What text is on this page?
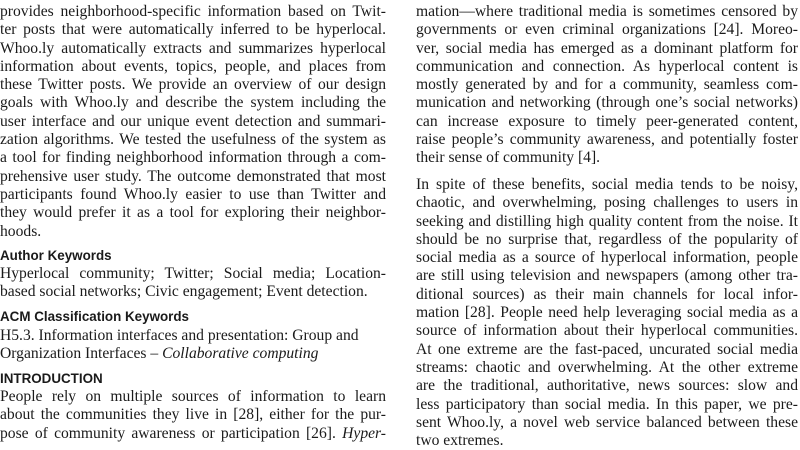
provides neighborhood-specific information based on Twit-
ter posts that were automatically inferred to be hyperlocal.
Whoo.ly automatically extracts and summarizes hyperlocal
information about events, topics, people, and places from
these Twitter posts. We provide an overview of our design
goals with Whoo.ly and describe the system including the
user interface and our unique event detection and summari-
zation algorithms. We tested the usefulness of the system as
a tool for finding neighborhood information through a com-
prehensive user study. The outcome demonstrated that most
participants found Whoo.ly easier to use than Twitter and
they would prefer it as a tool for exploring their neighbor-
hoods.
Author Keywords
Hyperlocal community; Twitter; Social media; Location-
based social networks; Civic engagement; Event detection.
ACM Classification Keywords
H5.3. Information interfaces and presentation: Group and
Organization Interfaces – Collaborative computing
INTRODUCTION
People rely on multiple sources of information to learn
about the communities they live in [28], either for the pur-
pose of community awareness or participation [26]. Hyper-
mation—where traditional media is sometimes censored by
governments or even criminal organizations [24]. Moreo-
ver, social media has emerged as a dominant platform for
communication and connection. As hyperlocal content is
mostly generated by and for a community, seamless com-
munication and networking (through one’s social networks)
can increase exposure to timely peer-generated content,
raise people’s community awareness, and potentially foster
their sense of community [4].
In spite of these benefits, social media tends to be noisy,
chaotic, and overwhelming, posing challenges to users in
seeking and distilling high quality content from the noise. It
should be no surprise that, regardless of the popularity of
social media as a source of hyperlocal information, people
are still using television and newspapers (among other tra-
ditional sources) as their main channels for local infor-
mation [28]. People need help leveraging social media as a
source of information about their hyperlocal communities.
At one extreme are the fast-paced, uncurated social media
streams: chaotic and overwhelming. At the other extreme
are the traditional, authoritative, news sources: slow and
less participatory than social media. In this paper, we pre-
sent Whoo.ly, a novel web service balanced between these
two extremes.
